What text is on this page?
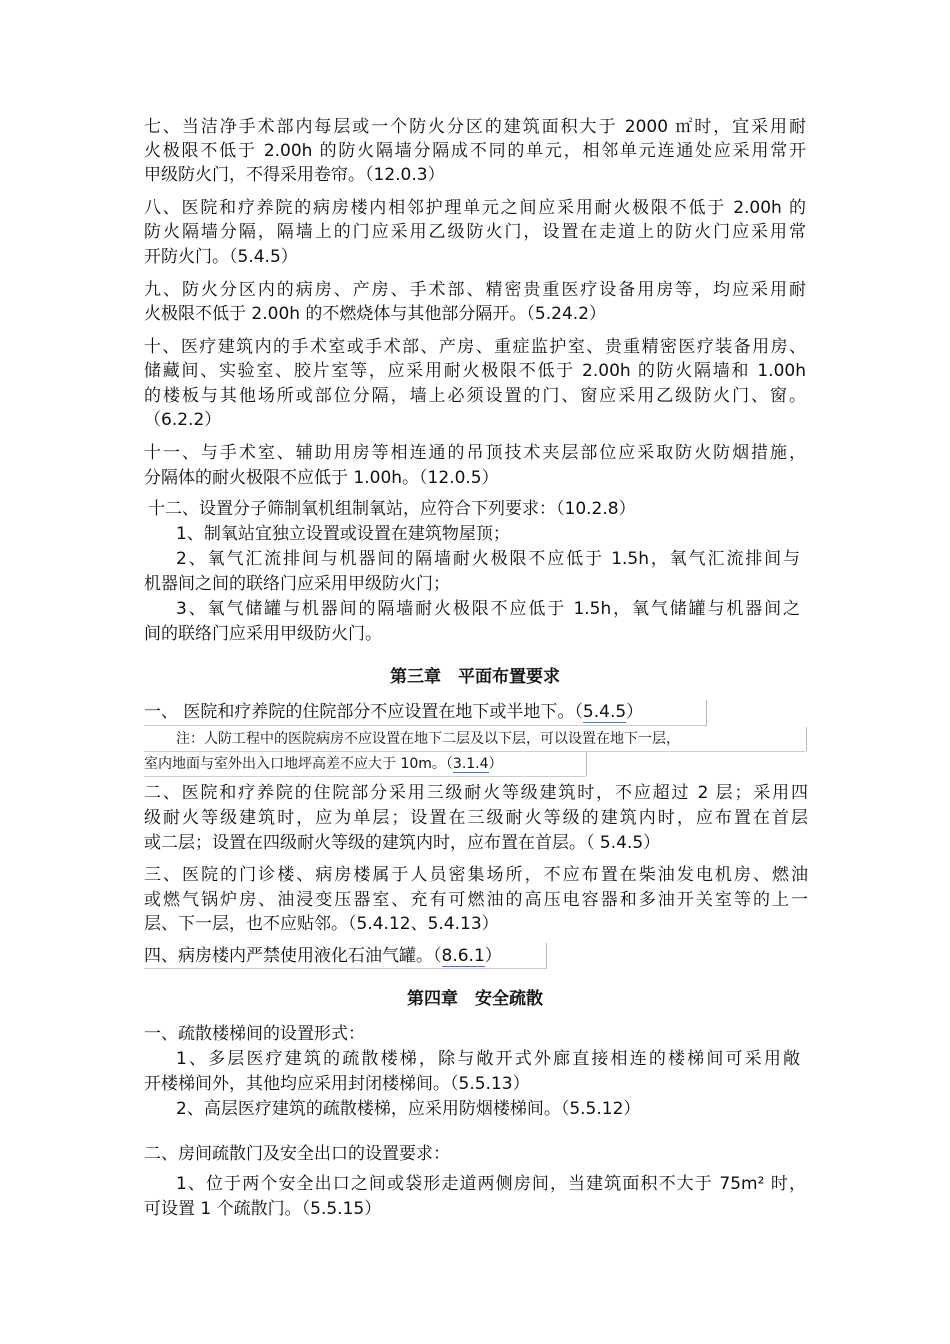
七、当洁净手术部内每层或一个防火分区的建筑面积大于 2000 ㎡时，宜采用耐

火极限不低于 2.00h 的防火隔墙分隔成不同的单元，相邻单元连通处应采用常开

甲级防火门，不得采用卷帘。（12.0.3）

八、医院和疗养院的病房楼内相邻护理单元之间应采用耐火极限不低于 2.00h 的

防火隔墙分隔，隔墙上的门应采用乙级防火门，设置在走道上的防火门应采用常

开防火门。（5.4.5）

九、防火分区内的病房、产房、手术部、精密贵重医疗设备用房等，均应采用耐

火极限不低于 2.00h 的不燃烧体与其他部分隔开。（5.24.2）

十、医疗建筑内的手术室或手术部、产房、重症监护室、贵重精密医疗装备用房、

储藏间、实验室、胶片室等，应采用耐火极限不低于 2.00h 的防火隔墙和 1.00h

的楼板与其他场所或部位分隔，墙上必须设置的门、窗应采用乙级防火门、窗。

（6.2.2）

十一、与手术室、辅助用房等相连通的吊顶技术夹层部位应采取防火防烟措施，

分隔体的耐火极限不应低于 1.00h。（12.0.5）

十二、设置分子筛制氧机组制氧站，应符合下列要求：（10.2.8）

1、制氧站宜独立设置或设置在建筑物屋顶；

2、氧气汇流排间与机器间的隔墙耐火极限不应低于 1.5h，氧气汇流排间与

机器间之间的联络门应采用甲级防火门；

3、氧气储罐与机器间的隔墙耐火极限不应低于 1.5h，氧气储罐与机器间之

间的联络门应采用甲级防火门。

第三章　平面布置要求

一、 医院和疗养院的住院部分不应设置在地下或半地下。（5.4.5）

注：人防工程中的医院病房不应设置在地下二层及以下层，可以设置在地下一层，

室内地面与室外出入口地坪高差不应大于 10m。（3.1.4）

二、医院和疗养院的住院部分采用三级耐火等级建筑时，不应超过 2 层；采用四

级耐火等级建筑时，应为单层；设置在三级耐火等级的建筑内时，应布置在首层

或二层；设置在四级耐火等级的建筑内时，应布置在首层。（ 5.4.5）

三、医院的门诊楼、病房楼属于人员密集场所，不应布置在柴油发电机房、燃油

或燃气锅炉房、油浸变压器室、充有可燃油的高压电容器和多油开关室等的上一

层、下一层，也不应贴邻。（5.4.12、5.4.13）

四、病房楼内严禁使用液化石油气罐。（8.6.1）

第四章　安全疏散

一、疏散楼梯间的设置形式：

1、多层医疗建筑的疏散楼梯，除与敞开式外廊直接相连的楼梯间可采用敞

开楼梯间外，其他均应采用封闭楼梯间。（5.5.13）

2、高层医疗建筑的疏散楼梯，应采用防烟楼梯间。（5.5.12）

二、房间疏散门及安全出口的设置要求：

1、位于两个安全出口之间或袋形走道两侧房间，当建筑面积不大于 75m² 时，

可设置 1 个疏散门。（5.5.15）
